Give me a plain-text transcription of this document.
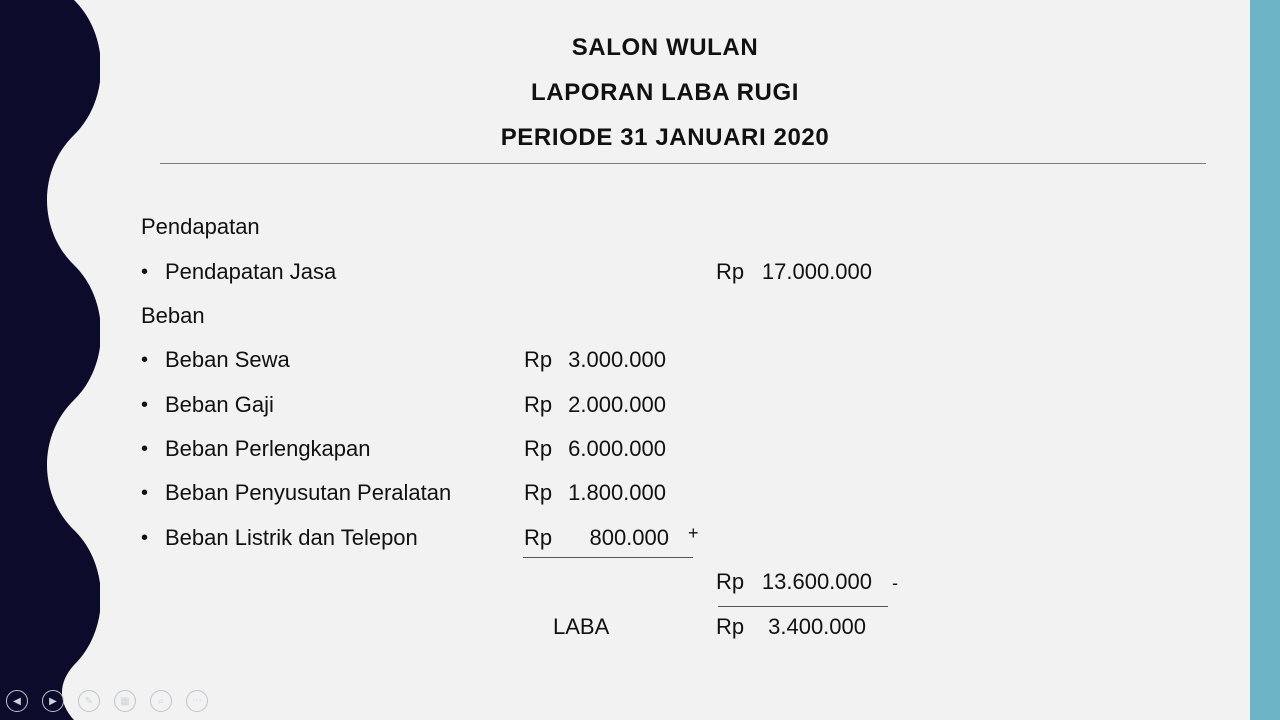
SALON WULAN
LAPORAN LABA RUGI
PERIODE 31 JANUARI 2020
Pendapatan
• Pendapatan Jasa	Rp 17.000.000
Beban
• Beban Sewa	Rp 3.000.000
• Beban Gaji	Rp 2.000.000
• Beban Perlengkapan	Rp 6.000.000
• Beban Penyusutan Peralatan	Rp 1.800.000
• Beban Listrik dan Telepon	Rp	800.000 +
Rp 13.600.000 -
LABA	Rp	3.400.000
◀	▶	✎	▦	⌕	···
